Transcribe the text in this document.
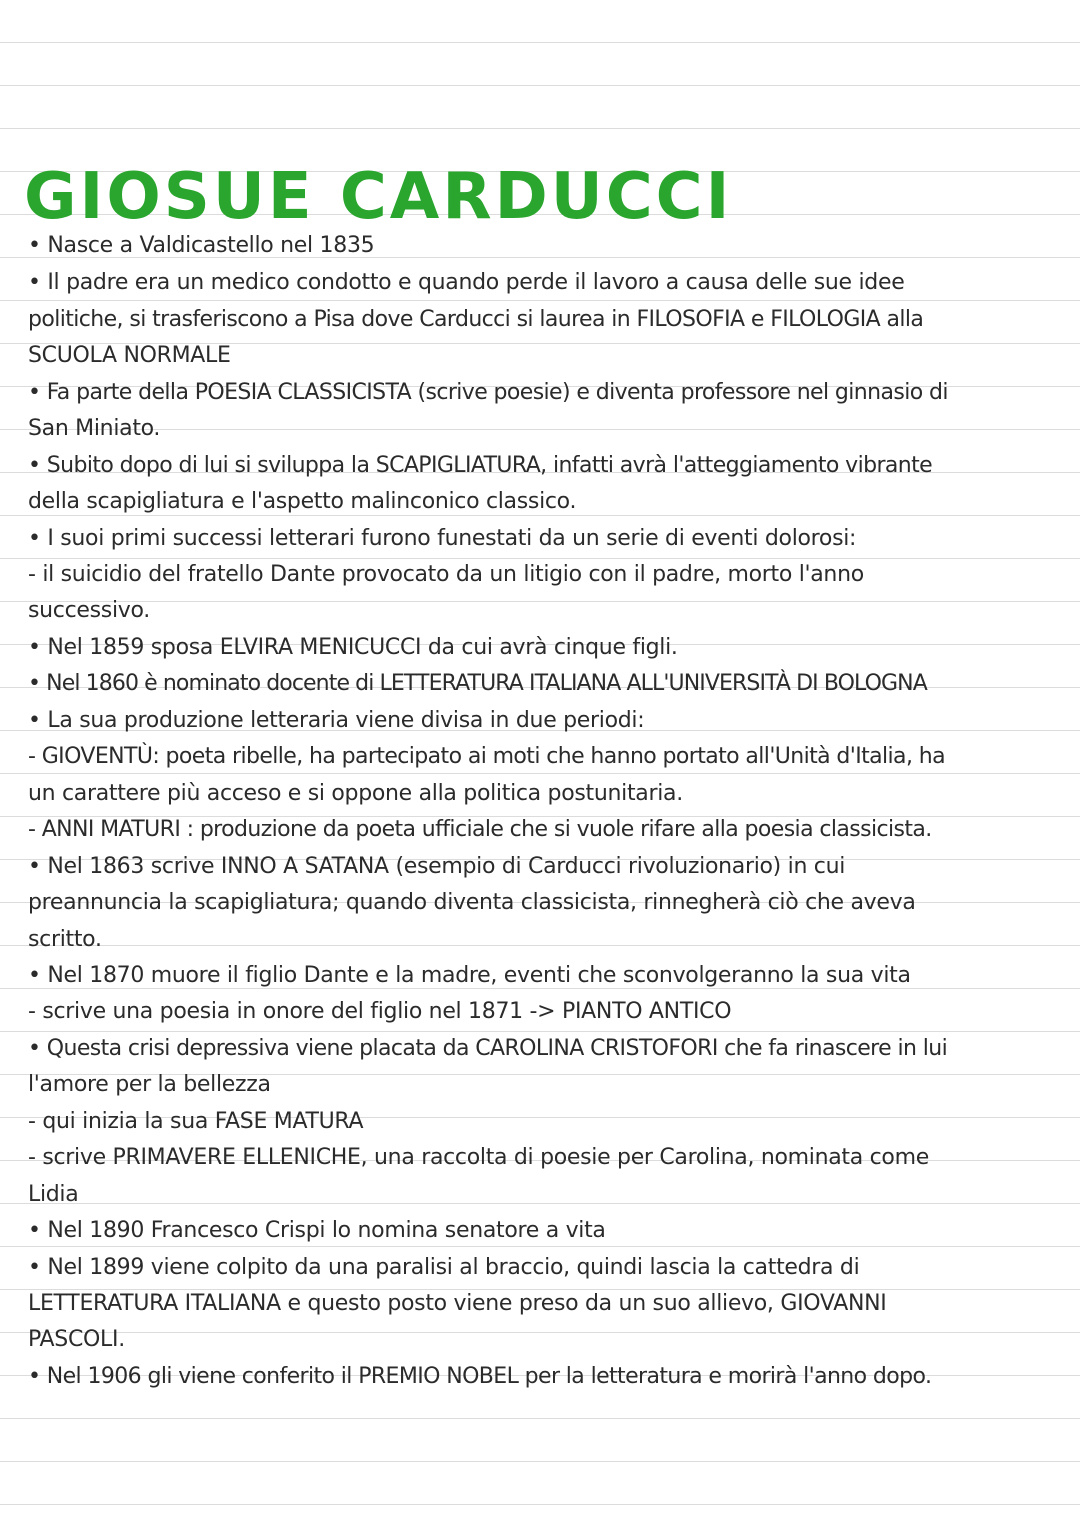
GIOSUE CARDUCCI
• Nasce a Valdicastello nel 1835
• Il padre era un medico condotto e quando perde il lavoro a causa delle sue idee
politiche, si trasferiscono a Pisa dove Carducci si laurea in FILOSOFIA e FILOLOGIA alla
SCUOLA NORMALE
• Fa parte della POESIA CLASSICISTA (scrive poesie) e diventa professore nel ginnasio di
San Miniato.
• Subito dopo di lui si sviluppa la SCAPIGLIATURA, infatti avrà l'atteggiamento vibrante
della scapigliatura e l'aspetto malinconico classico.
• I suoi primi successi letterari furono funestati da un serie di eventi dolorosi:
- il suicidio del fratello Dante provocato da un litigio con il padre, morto l'anno
successivo.
• Nel 1859 sposa ELVIRA MENICUCCI da cui avrà cinque figli.
• Nel 1860 è nominato docente di LETTERATURA ITALIANA ALL'UNIVERSITÀ DI BOLOGNA
• La sua produzione letteraria viene divisa in due periodi:
- GIOVENTÙ: poeta ribelle, ha partecipato ai moti che hanno portato all'Unità d'Italia, ha
un carattere più acceso e si oppone alla politica postunitaria.
- ANNI MATURI : produzione da poeta ufficiale che si vuole rifare alla poesia classicista.
• Nel 1863 scrive INNO A SATANA (esempio di Carducci rivoluzionario) in cui
preannuncia la scapigliatura; quando diventa classicista, rinnegherà ciò che aveva
scritto.
• Nel 1870 muore il figlio Dante e la madre, eventi che sconvolgeranno la sua vita
- scrive una poesia in onore del figlio nel 1871 -> PIANTO ANTICO
• Questa crisi depressiva viene placata da CAROLINA CRISTOFORI che fa rinascere in lui
l'amore per la bellezza
- qui inizia la sua FASE MATURA
- scrive PRIMAVERE ELLENICHE, una raccolta di poesie per Carolina, nominata come
Lidia
• Nel 1890 Francesco Crispi lo nomina senatore a vita
• Nel 1899 viene colpito da una paralisi al braccio, quindi lascia la cattedra di
LETTERATURA ITALIANA e questo posto viene preso da un suo allievo, GIOVANNI
PASCOLI.
• Nel 1906 gli viene conferito il PREMIO NOBEL per la letteratura e morirà l'anno dopo.
